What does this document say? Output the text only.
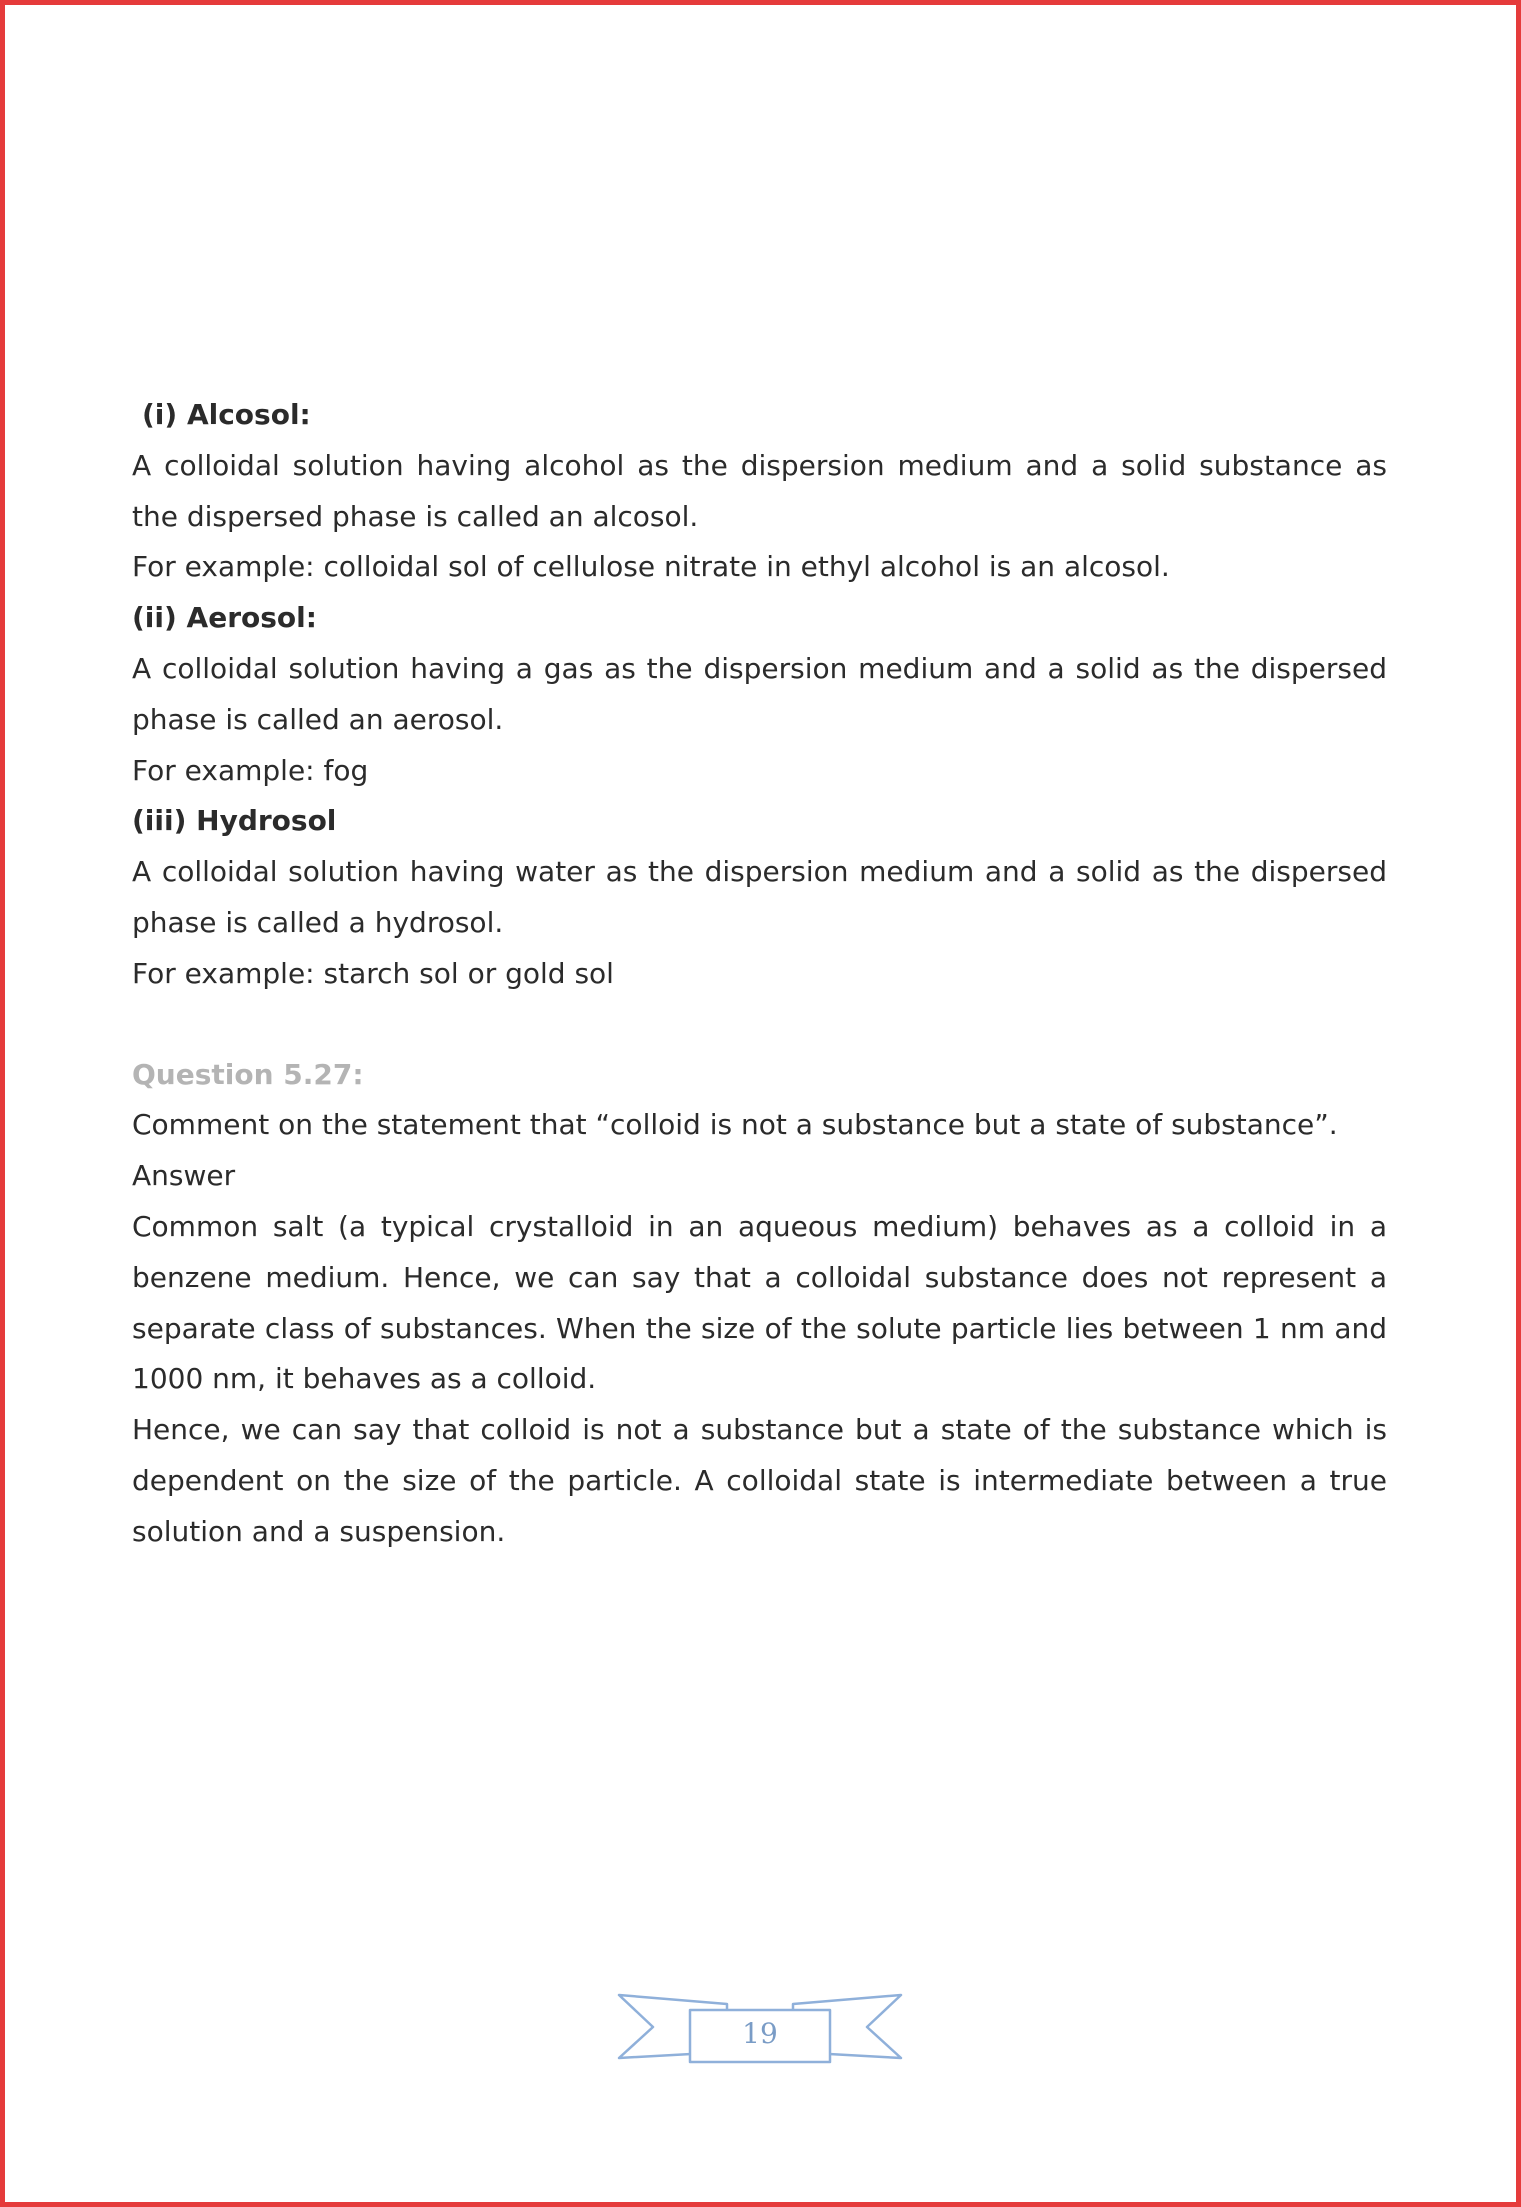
(i) Alcosol:

A colloidal solution having alcohol as the dispersion medium and a solid substance as the dispersed phase is called an alcosol.

For example: colloidal sol of cellulose nitrate in ethyl alcohol is an alcosol.

(ii) Aerosol:

A colloidal solution having a gas as the dispersion medium and a solid as the dispersed phase is called an aerosol.

For example: fog

(iii) Hydrosol

A colloidal solution having water as the dispersion medium and a solid as the dispersed phase is called a hydrosol.

For example: starch sol or gold sol

Question 5.27:

Comment on the statement that “colloid is not a substance but a state of substance”.

Answer

Common salt (a typical crystalloid in an aqueous medium) behaves as a colloid in a benzene medium. Hence, we can say that a colloidal substance does not represent a separate class of substances. When the size of the solute particle lies between 1 nm and 1000 nm, it behaves as a colloid.

Hence, we can say that colloid is not a substance but a state of the substance which is dependent on the size of the particle. A colloidal state is intermediate between a true solution and a suspension.

19
